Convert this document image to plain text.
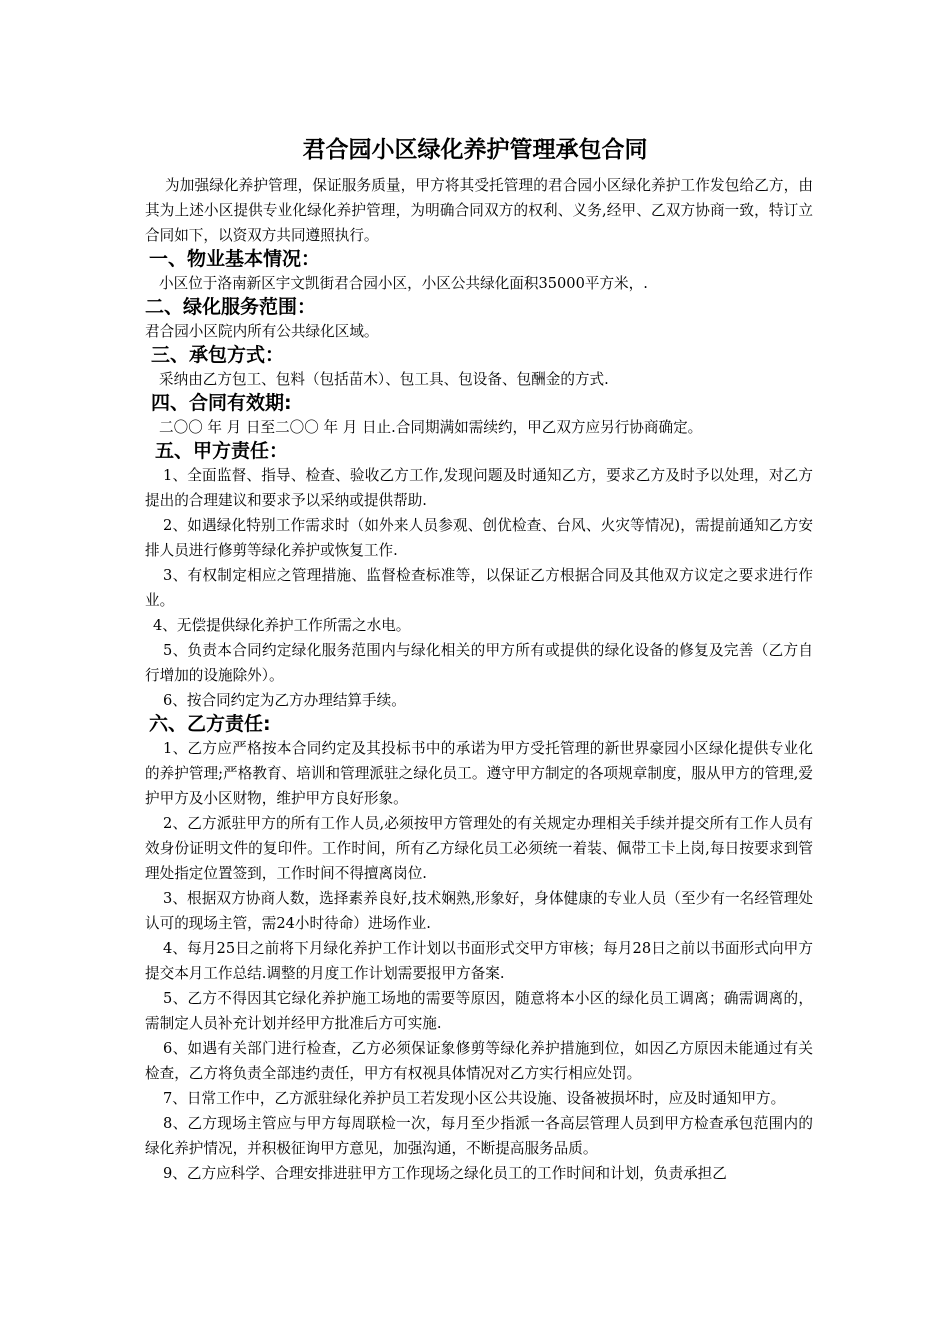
君合园小区绿化养护管理承包合同

为加强绿化养护管理，保证服务质量，甲方将其受托管理的君合园小区绿化养护工作发包给乙方，由其为上述小区提供专业化绿化养护管理，为明确合同双方的权利、义务,经甲、乙双方协商一致，特订立合同如下，以资双方共同遵照执行。

一、物业基本情况：

小区位于洛南新区宇文凯街君合园小区，小区公共绿化面积35000平方米，.

二、绿化服务范围：

君合园小区院内所有公共绿化区域。

三、承包方式：

采纳由乙方包工、包料（包括苗木）、包工具、包设备、包酬金的方式.

四、合同有效期:

二〇〇 年 月 日至二〇〇 年 月 日止.合同期满如需续约，甲乙双方应另行协商确定。

五、甲方责任：

1、全面监督、指导、检查、验收乙方工作,发现问题及时通知乙方，要求乙方及时予以处理，对乙方提出的合理建议和要求予以采纳或提供帮助.

2、如遇绿化特别工作需求时（如外来人员参观、创优检查、台风、火灾等情况)，需提前通知乙方安排人员进行修剪等绿化养护或恢复工作.

3、有权制定相应之管理措施、监督检查标准等，以保证乙方根据合同及其他双方议定之要求进行作业。

4、无偿提供绿化养护工作所需之水电。

5、负责本合同约定绿化服务范围内与绿化相关的甲方所有或提供的绿化设备的修复及完善（乙方自行增加的设施除外）。

6、按合同约定为乙方办理结算手续。

六、乙方责任:

1、乙方应严格按本合同约定及其投标书中的承诺为甲方受托管理的新世界豪园小区绿化提供专业化的养护管理;严格教育、培训和管理派驻之绿化员工。遵守甲方制定的各项规章制度，服从甲方的管理,爱护甲方及小区财物，维护甲方良好形象。

2、乙方派驻甲方的所有工作人员,必须按甲方管理处的有关规定办理相关手续并提交所有工作人员有效身份证明文件的复印件。工作时间，所有乙方绿化员工必须统一着装、佩带工卡上岗,每日按要求到管理处指定位置签到，工作时间不得擅离岗位.

3、根据双方协商人数，选择素养良好,技术娴熟,形象好，身体健康的专业人员（至少有一名经管理处认可的现场主管，需24小时待命）进场作业.

4、每月25日之前将下月绿化养护工作计划以书面形式交甲方审核；每月28日之前以书面形式向甲方提交本月工作总结.调整的月度工作计划需要报甲方备案.

5、乙方不得因其它绿化养护施工场地的需要等原因，随意将本小区的绿化员工调离；确需调离的，需制定人员补充计划并经甲方批准后方可实施.

6、如遇有关部门进行检查，乙方必须保证象修剪等绿化养护措施到位，如因乙方原因未能通过有关检查，乙方将负责全部违约责任，甲方有权视具体情况对乙方实行相应处罚。

7、日常工作中，乙方派驻绿化养护员工若发现小区公共设施、设备被损坏时，应及时通知甲方。

8、乙方现场主管应与甲方每周联检一次，每月至少指派一各高层管理人员到甲方检查承包范围内的绿化养护情况，并积极征询甲方意见，加强沟通，不断提高服务品质。

9、乙方应科学、合理安排进驻甲方工作现场之绿化员工的工作时间和计划，负责承担乙
